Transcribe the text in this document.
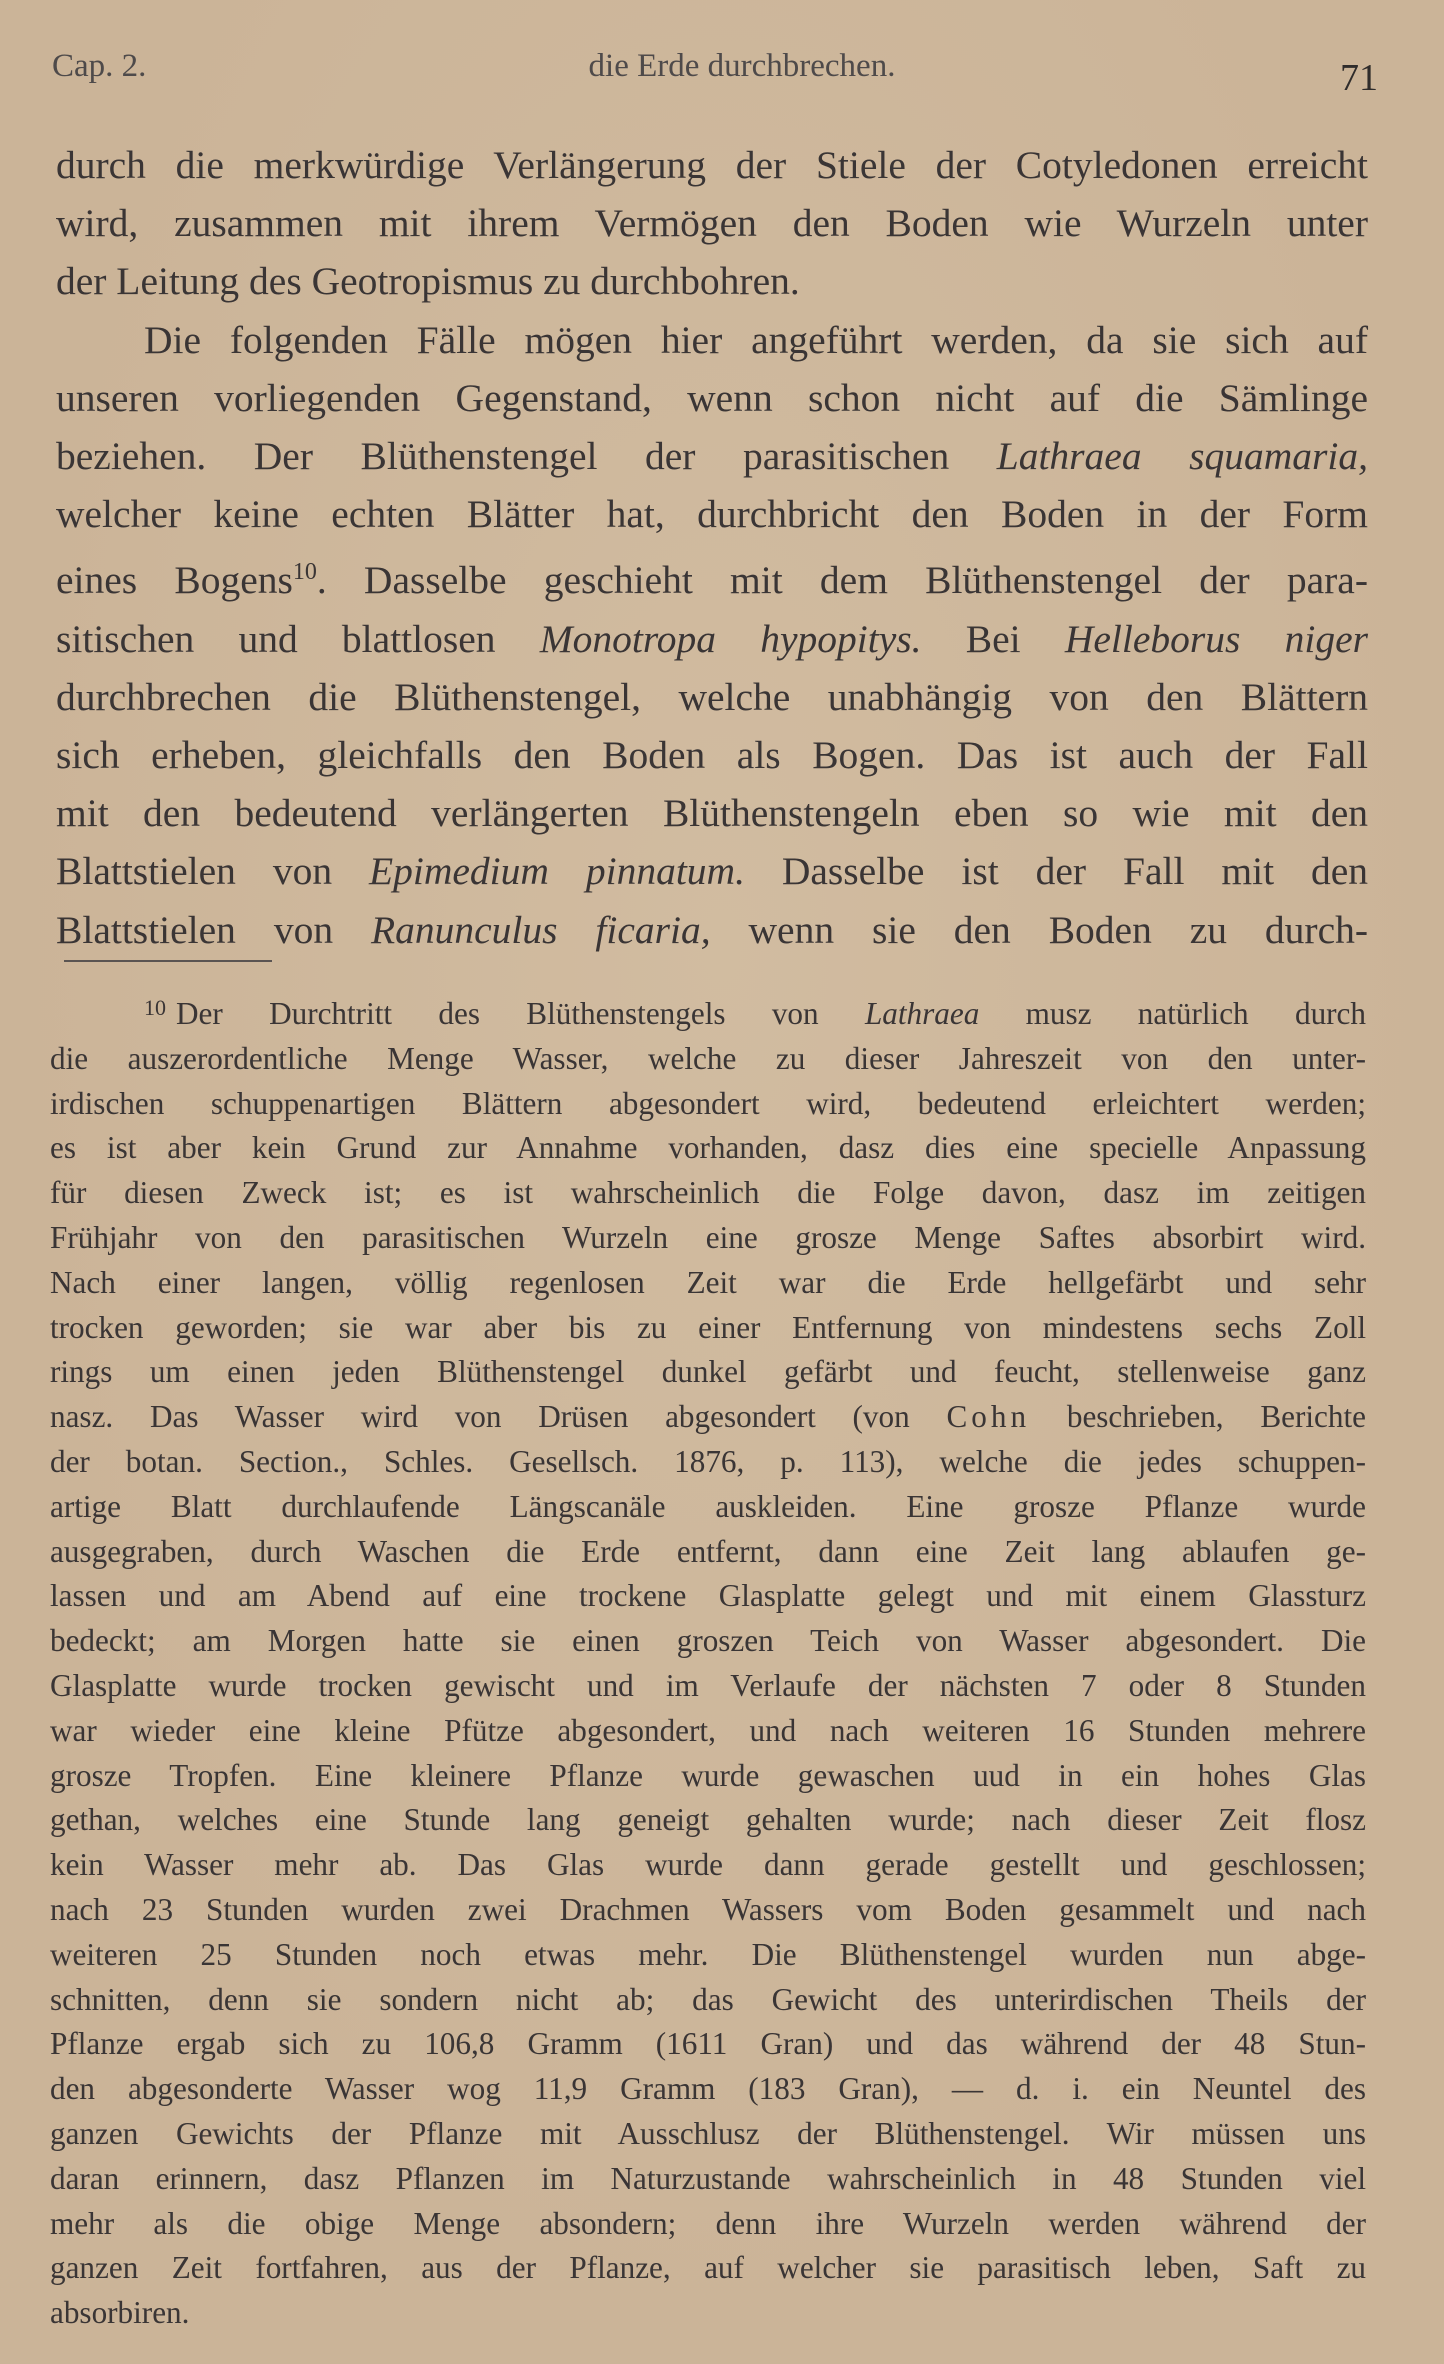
Cap. 2.	die Erde durchbrechen.	71
durch die merkwürdige Verlängerung der Stiele der Cotyledonen erreicht
wird, zusammen mit ihrem Vermögen den Boden wie Wurzeln unter
der Leitung des Geotropismus zu durchbohren.
Die folgenden Fälle mögen hier angeführt werden, da sie sich auf
unseren vorliegenden Gegenstand, wenn schon nicht auf die Sämlinge
beziehen. Der Blüthenstengel der parasitischen Lathraea squamaria,
welcher keine echten Blätter hat, durchbricht den Boden in der Form
eines Bogens$^{10}$. Dasselbe geschieht mit dem Blüthenstengel der para-
sitischen und blattlosen Monotropa hypopitys. Bei Helleborus niger
durchbrechen die Blüthenstengel, welche unabhängig von den Blättern
sich erheben, gleichfalls den Boden als Bogen. Das ist auch der Fall
mit den bedeutend verlängerten Blüthenstengeln eben so wie mit den
Blattstielen von Epimedium pinnatum. Dasselbe ist der Fall mit den
Blattstielen von Ranunculus ficaria, wenn sie den Boden zu durch-
$^{10}$ Der Durchtritt des Blüthenstengels von Lathraea musz natürlich durch
die auszerordentliche Menge Wasser, welche zu dieser Jahreszeit von den unter-
irdischen schuppenartigen Blättern abgesondert wird, bedeutend erleichtert werden;
es ist aber kein Grund zur Annahme vorhanden, dasz dies eine specielle Anpassung
für diesen Zweck ist; es ist wahrscheinlich die Folge davon, dasz im zeitigen
Frühjahr von den parasitischen Wurzeln eine grosze Menge Saftes absorbirt wird.
Nach einer langen, völlig regenlosen Zeit war die Erde hellgefärbt und sehr
trocken geworden; sie war aber bis zu einer Entfernung von mindestens sechs Zoll
rings um einen jeden Blüthenstengel dunkel gefärbt und feucht, stellenweise ganz
nasz. Das Wasser wird von Drüsen abgesondert (von Cohn beschrieben, Berichte
der botan. Section., Schles. Gesellsch. 1876, p. 113), welche die jedes schuppen-
artige Blatt durchlaufende Längscanäle auskleiden. Eine grosze Pflanze wurde
ausgegraben, durch Waschen die Erde entfernt, dann eine Zeit lang ablaufen ge-
lassen und am Abend auf eine trockene Glasplatte gelegt und mit einem Glassturz
bedeckt; am Morgen hatte sie einen groszen Teich von Wasser abgesondert. Die
Glasplatte wurde trocken gewischt und im Verlaufe der nächsten 7 oder 8 Stunden
war wieder eine kleine Pfütze abgesondert, und nach weiteren 16 Stunden mehrere
grosze Tropfen. Eine kleinere Pflanze wurde gewaschen uud in ein hohes Glas
gethan, welches eine Stunde lang geneigt gehalten wurde; nach dieser Zeit flosz
kein Wasser mehr ab. Das Glas wurde dann gerade gestellt und geschlossen;
nach 23 Stunden wurden zwei Drachmen Wassers vom Boden gesammelt und nach
weiteren 25 Stunden noch etwas mehr. Die Blüthenstengel wurden nun abge-
schnitten, denn sie sondern nicht ab; das Gewicht des unterirdischen Theils der
Pflanze ergab sich zu 106,8 Gramm (1611 Gran) und das während der 48 Stun-
den abgesonderte Wasser wog 11,9 Gramm (183 Gran), — d. i. ein Neuntel des
ganzen Gewichts der Pflanze mit Ausschlusz der Blüthenstengel. Wir müssen uns
daran erinnern, dasz Pflanzen im Naturzustande wahrscheinlich in 48 Stunden viel
mehr als die obige Menge absondern; denn ihre Wurzeln werden während der
ganzen Zeit fortfahren, aus der Pflanze, auf welcher sie parasitisch leben, Saft zu
absorbiren.
